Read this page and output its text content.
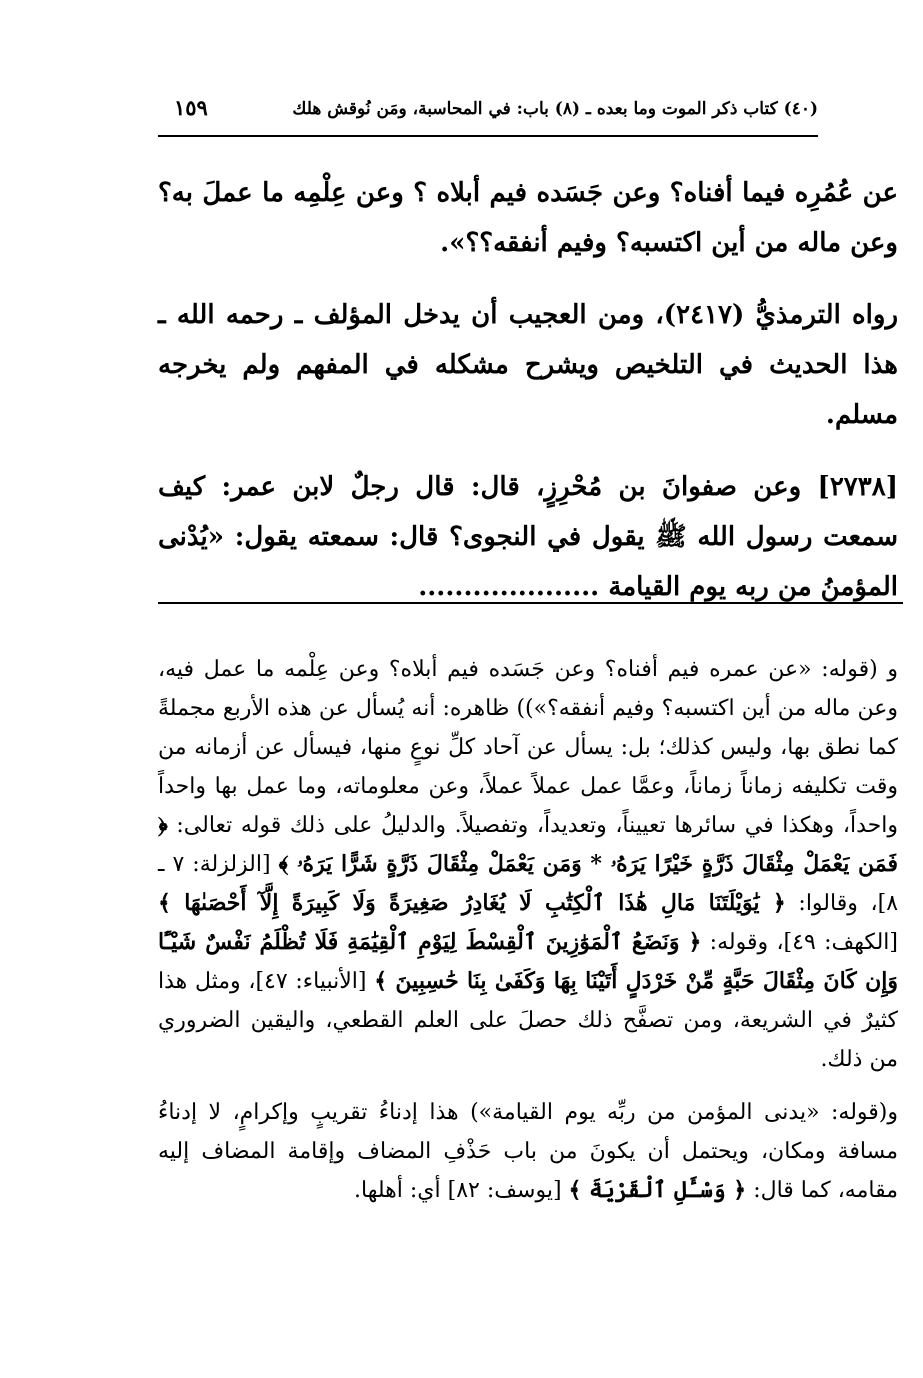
(٤٠) كتاب ذكر الموت وما بعده ـ (٨) باب: في المحاسبة، ومَن نُوقش هلك
١٥٩

عن عُمُرِه فيما أفناه؟ وعن جَسَده فيم أبلاه ؟ وعن عِلْمِه ما عملَ به؟ وعن ماله من أين اكتسبه؟ وفيم أنفقه؟؟».

رواه الترمذيُّ (٢٤١٧)، ومن العجيب أن يدخل المؤلف ـ رحمه الله ـ هذا الحديث في التلخيص ويشرح مشكله في المفهم ولم يخرجه مسلم.

[٢٧٣٨] وعن صفوانَ بن مُحْرِزٍ، قال: قال رجلٌ لابن عمر: كيف سمعت رسول الله ﷺ يقول في النجوى؟ قال: سمعته يقول: «يُدْنى المؤمنُ من ربه يوم القيامة ....................

و (قوله: «عن عمره فيم أفناه؟ وعن جَسَده فيم أبلاه؟ وعن عِلْمه ما عمل فيه، وعن ماله من أين اكتسبه؟ وفيم أنفقه؟»)) ظاهره: أنه يُسأل عن هذه الأربع مجملةً كما نطق بها، وليس كذلك؛ بل: يسأل عن آحاد كلِّ نوعٍ منها، فيسأل عن أزمانه من وقت تكليفه زماناً زماناً، وعمَّا عمل عملاً عملاً، وعن معلوماته، وما عمل بها واحداً واحداً، وهكذا في سائرها تعييناً، وتعديداً، وتفصيلاً. والدليلُ على ذلك قوله تعالى: ﴿ فَمَن يَعْمَلْ مِثْقَالَ ذَرَّةٍ خَيْرًا يَرَهُۥ * وَمَن يَعْمَلْ مِثْقَالَ ذَرَّةٍ شَرًّا يَرَهُۥ ﴾ [الزلزلة: ٧ ـ ٨]، وقالوا: ﴿ يَٰوَيْلَتَنَا مَالِ هَٰذَا ٱلْكِتَٰبِ لَا يُغَادِرُ صَغِيرَةً وَلَا كَبِيرَةً إِلَّآ أَحْصَىٰهَا ﴾ [الكهف: ٤٩]، وقوله: ﴿ وَنَضَعُ ٱلْمَوَٰزِينَ ٱلْقِسْطَ لِيَوْمِ ٱلْقِيَٰمَةِ فَلَا تُظْلَمُ نَفْسٌ شَيْـًٔا وَإِن كَانَ مِثْقَالَ حَبَّةٍ مِّنْ خَرْدَلٍ أَتَيْنَا بِهَا وَكَفَىٰ بِنَا حَٰسِبِينَ ﴾ [الأنبياء: ٤٧]، ومثل هذا كثيرٌ في الشريعة، ومن تصفَّح ذلك حصلَ على العلم القطعي، واليقين الضروري من ذلك.

و(قوله: «يدنى المؤمن من ربِّه يوم القيامة») هذا إدناءُ تقريبٍ وإكرامٍ، لا إدناءُ مسافة ومكان، ويحتمل أن يكونَ من باب حَذْفِ المضاف وإقامة المضاف إليه مقامه، كما قال: ﴿ وَسْـَٔلِ ٱلْقَرْيَةَ ﴾ [يوسف: ٨٢] أي: أهلها.
